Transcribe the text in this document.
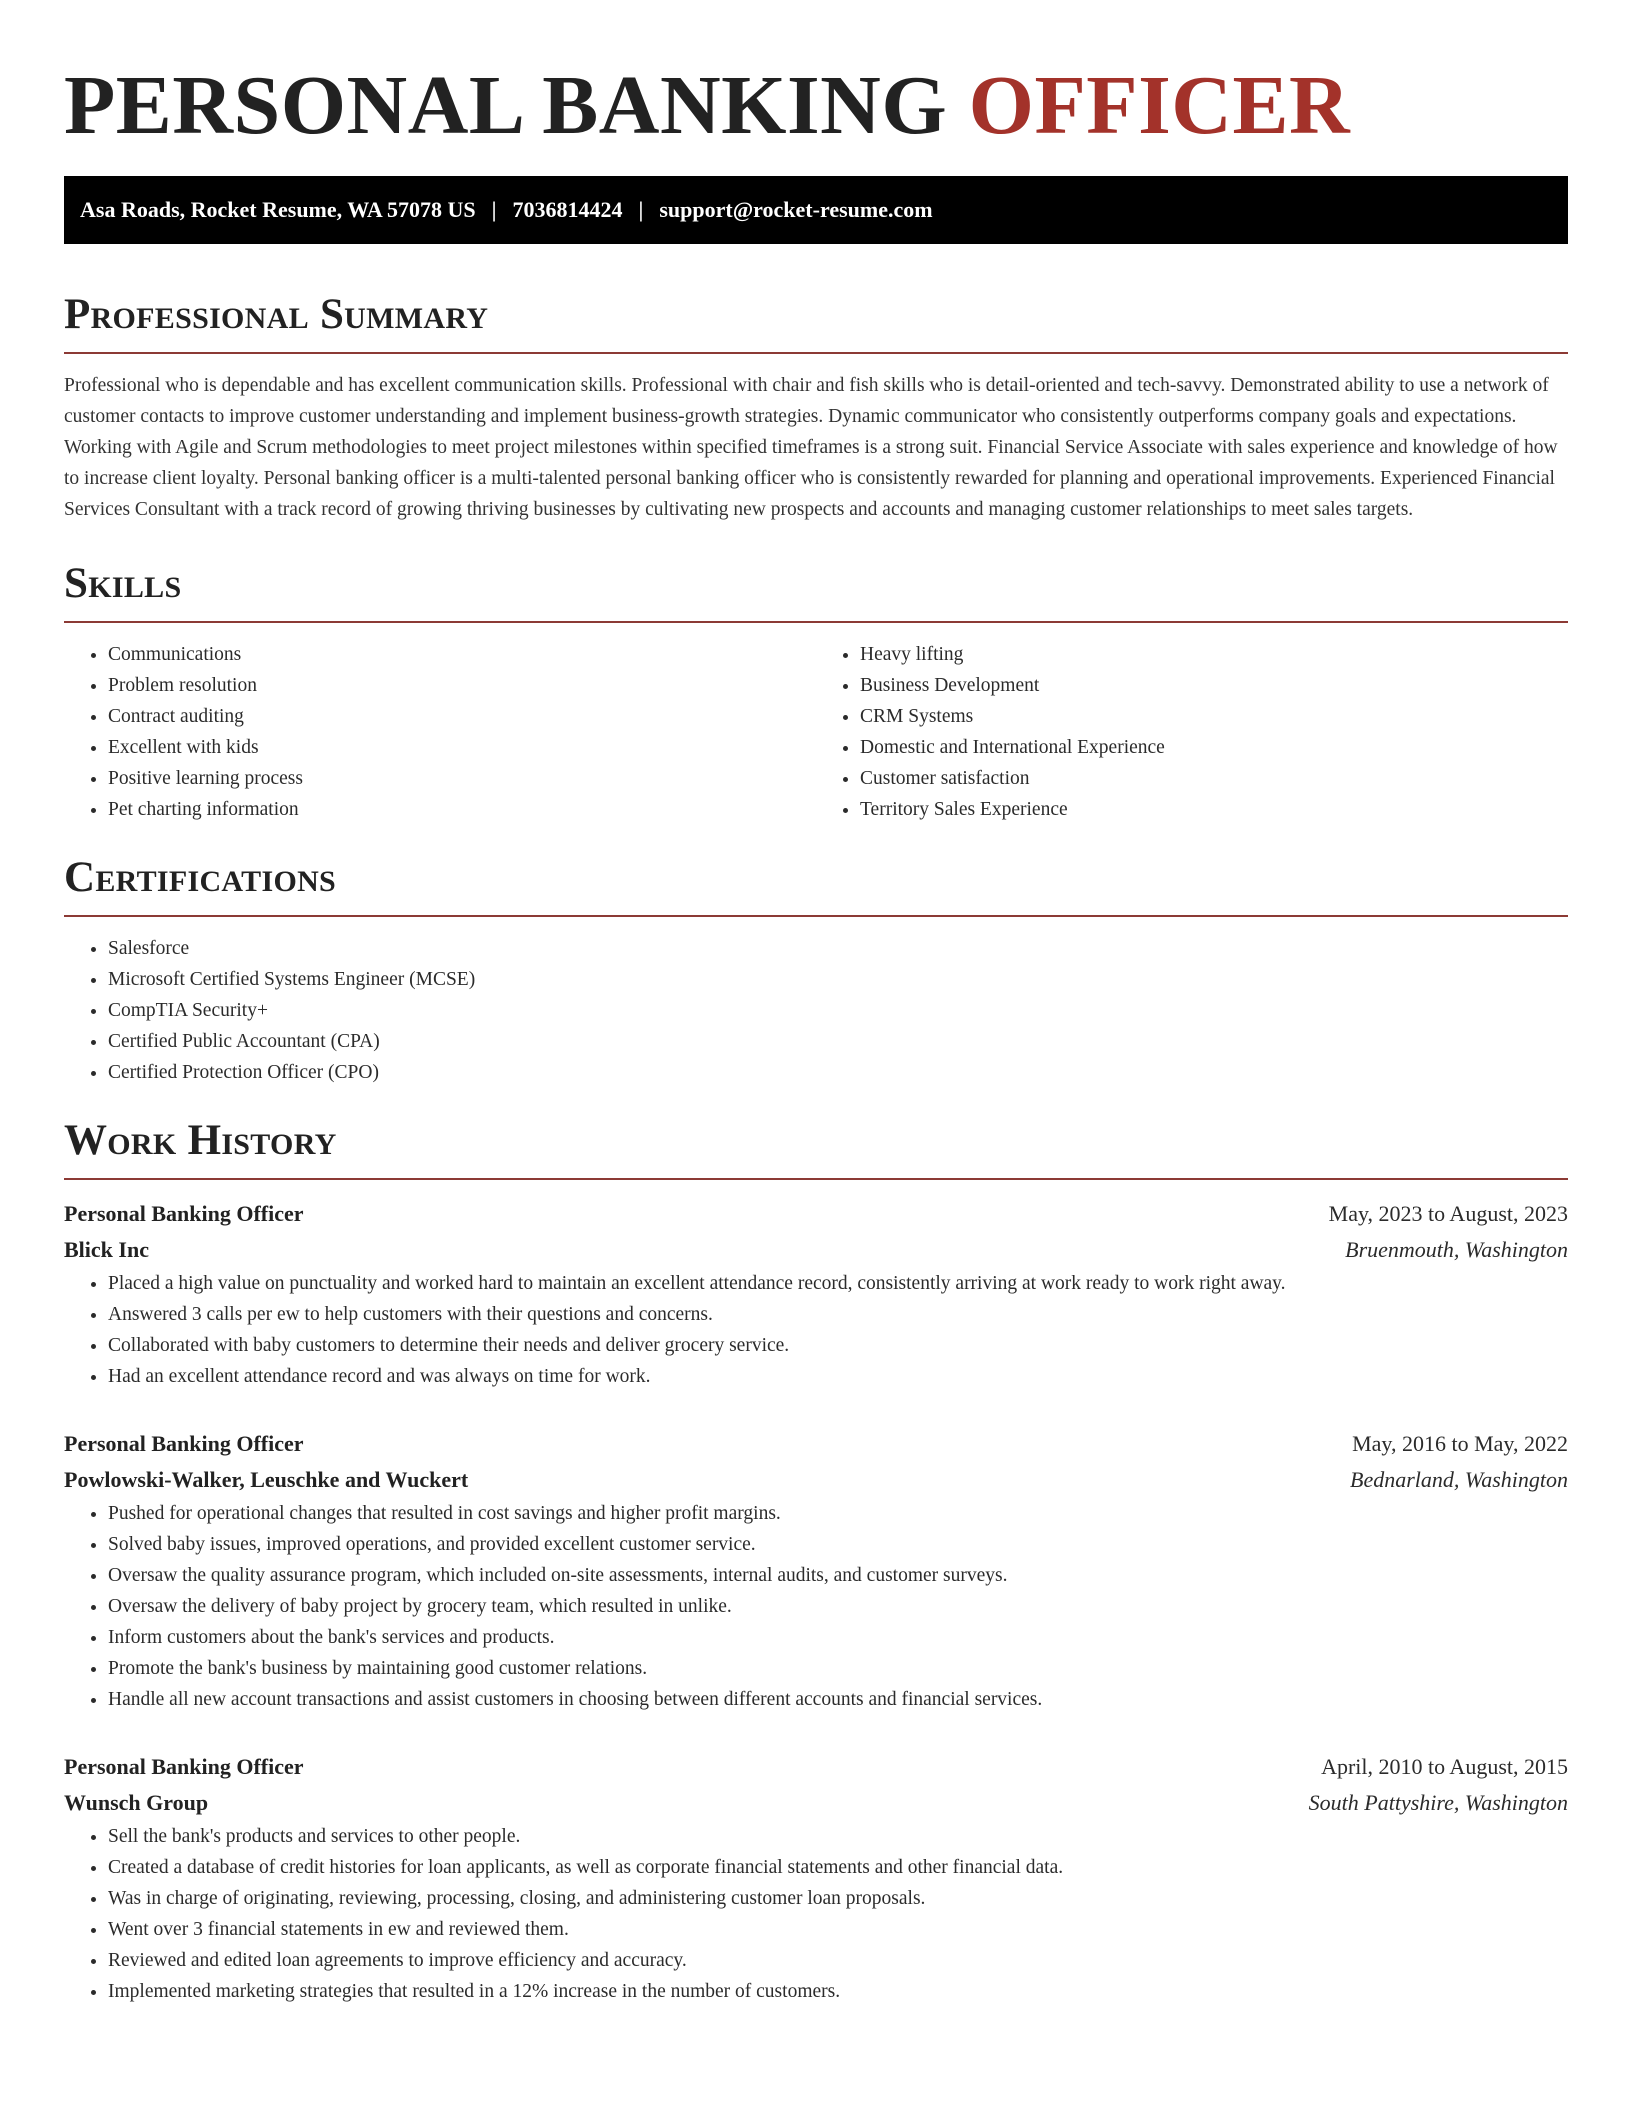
PERSONAL BANKING OFFICER
Asa Roads, Rocket Resume, WA 57078 US | 7036814424 | support@rocket-resume.com
Professional Summary

Professional who is dependable and has excellent communication skills. Professional with chair and fish skills who is detail-oriented and tech-savvy. Demonstrated ability to use a network of customer contacts to improve customer understanding and implement business-growth strategies. Dynamic communicator who consistently outperforms company goals and expectations. Working with Agile and Scrum methodologies to meet project milestones within specified timeframes is a strong suit. Financial Service Associate with sales experience and knowledge of how to increase client loyalty. Personal banking officer is a multi-talented personal banking officer who is consistently rewarded for planning and operational improvements. Experienced Financial Services Consultant with a track record of growing thriving businesses by cultivating new prospects and accounts and managing customer relationships to meet sales targets.

Skills
• Communications
• Problem resolution
• Contract auditing
• Excellent with kids
• Positive learning process
• Pet charting information
• Heavy lifting
• Business Development
• CRM Systems
• Domestic and International Experience
• Customer satisfaction
• Territory Sales Experience
Certifications
• Salesforce
• Microsoft Certified Systems Engineer (MCSE)
• CompTIA Security+
• Certified Public Accountant (CPA)
• Certified Protection Officer (CPO)
Work History
Personal Banking Officer	May, 2023 to August, 2023
Blick Inc	Bruenmouth, Washington
• Placed a high value on punctuality and worked hard to maintain an excellent attendance record, consistently arriving at work ready to work right away.
• Answered 3 calls per ew to help customers with their questions and concerns.
• Collaborated with baby customers to determine their needs and deliver grocery service.
• Had an excellent attendance record and was always on time for work.
Personal Banking Officer	May, 2016 to May, 2022
Powlowski-Walker, Leuschke and Wuckert	Bednarland, Washington
• Pushed for operational changes that resulted in cost savings and higher profit margins.
• Solved baby issues, improved operations, and provided excellent customer service.
• Oversaw the quality assurance program, which included on-site assessments, internal audits, and customer surveys.
• Oversaw the delivery of baby project by grocery team, which resulted in unlike.
• Inform customers about the bank's services and products.
• Promote the bank's business by maintaining good customer relations.
• Handle all new account transactions and assist customers in choosing between different accounts and financial services.
Personal Banking Officer	April, 2010 to August, 2015
Wunsch Group	South Pattyshire, Washington
• Sell the bank's products and services to other people.
• Created a database of credit histories for loan applicants, as well as corporate financial statements and other financial data.
• Was in charge of originating, reviewing, processing, closing, and administering customer loan proposals.
• Went over 3 financial statements in ew and reviewed them.
• Reviewed and edited loan agreements to improve efficiency and accuracy.
• Implemented marketing strategies that resulted in a 12% increase in the number of customers.
